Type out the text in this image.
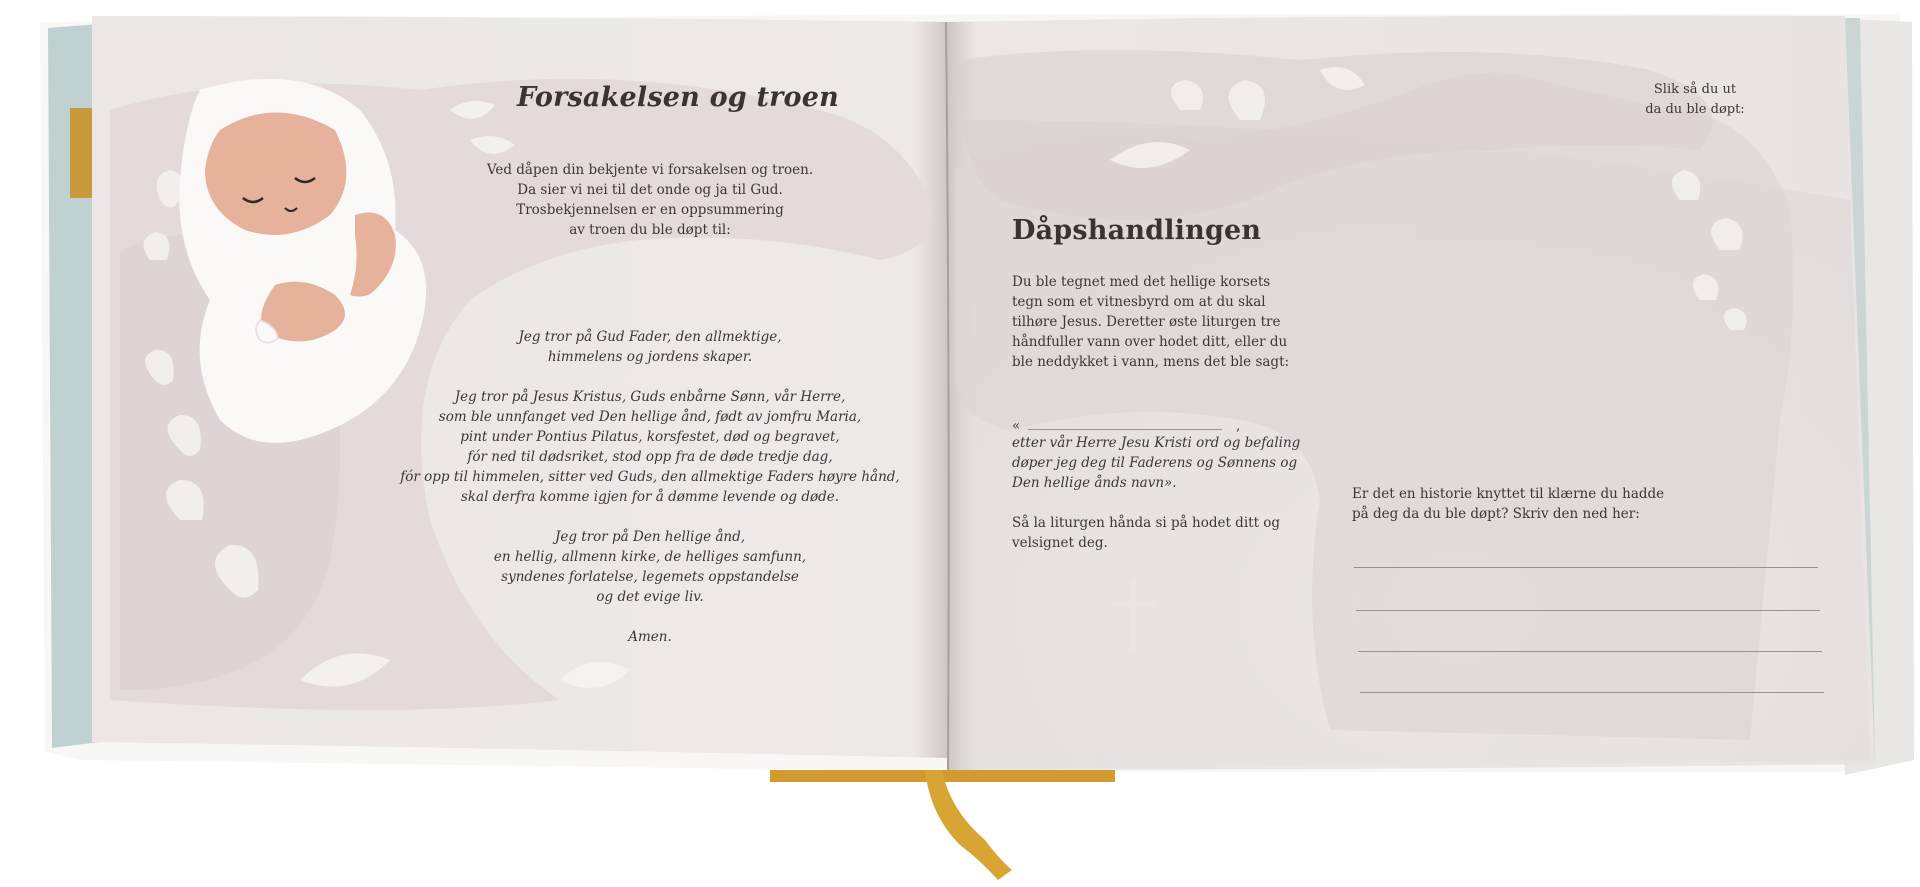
Forsakelsen og troen
Ved dåpen din bekjente vi forsakelsen og troen.
Da sier vi nei til det onde og ja til Gud.
Trosbekjennelsen er en oppsummering
av troen du ble døpt til:

Jeg tror på Gud Fader, den allmektige,
himmelens og jordens skaper.

Jeg tror på Jesus Kristus, Guds enbårne Sønn, vår Herre,
som ble unnfanget ved Den hellige ånd, født av jomfru Maria,
pint under Pontius Pilatus, korsfestet, død og begravet,
fór ned til dødsriket, stod opp fra de døde tredje dag,
fór opp til himmelen, sitter ved Guds, den allmektige Faders høyre hånd,
skal derfra komme igjen for å dømme levende og døde.

Jeg tror på Den hellige ånd,
en hellig, allmenn kirke, de helliges samfunn,
syndenes forlatelse, legemets oppstandelse
og det evige liv.

Amen.

Dåpshandlingen

Du ble tegnet med det hellige korsets

tegn som et vitnesbyrd om at du skal

tilhøre Jesus. Deretter øste liturgen tre

håndfuller vann over hodet ditt, eller du

ble neddykket i vann, mens det ble sagt:

«	,

etter vår Herre Jesu Kristi ord og befaling

døper jeg deg til Faderens og Sønnens og

Den hellige ånds navn».

Så la liturgen hånda si på hodet ditt og

velsignet deg.

Slik så du ut

da du ble døpt:

Er det en historie knyttet til klærne du hadde

på deg da du ble døpt? Skriv den ned her:
